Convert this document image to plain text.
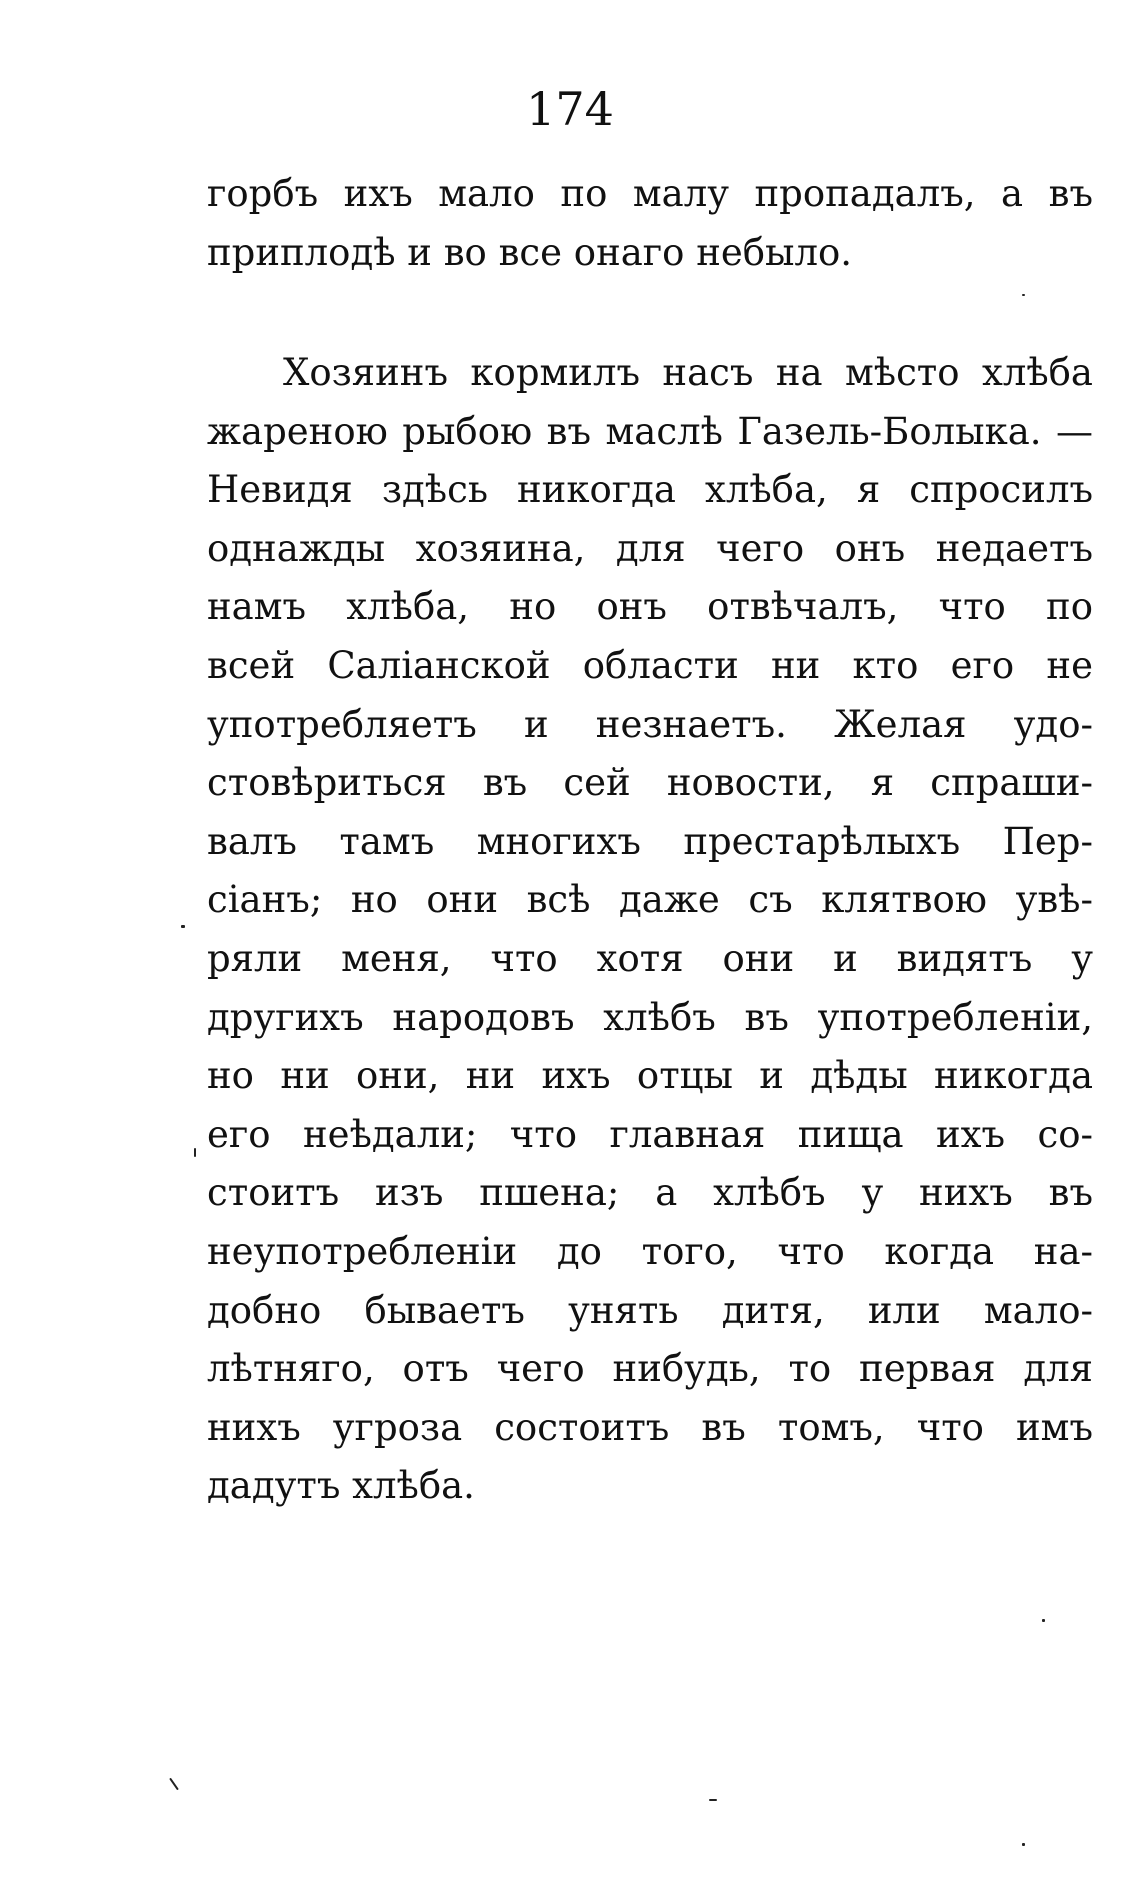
174
горбъ ихъ мало по малу пропадалъ, а въ
приплодѣ и во все онаго небыло.
Хозяинъ кормилъ насъ на мѣсто хлѣба
жареною рыбою въ маслѣ Газель-Болыка. —
Невидя здѣсь никогда хлѣба, я спросилъ
однажды хозяина, для чего онъ недаетъ
намъ хлѣба, но онъ отвѣчалъ, что по
всей Саліанской области ни кто его не
употребляетъ и незнаетъ. Желая удо-
стовѣриться въ сей новости, я спраши-
валъ тамъ многихъ престарѣлыхъ Пер-
сіанъ; но они всѣ даже съ клятвою увѣ-
ряли меня, что хотя они и видятъ у
другихъ народовъ хлѣбъ въ употребленіи,
но ни они, ни ихъ отцы и дѣды никогда
его неѣдали; что главная пища ихъ со-
стоитъ изъ пшена; а хлѣбъ у нихъ въ
неупотребленіи до того, что когда на-
добно бываетъ унять дитя, или мало-
лѣтняго, отъ чего нибудь, то первая для
нихъ угроза состоитъ въ томъ, что имъ
дадутъ хлѣба.
